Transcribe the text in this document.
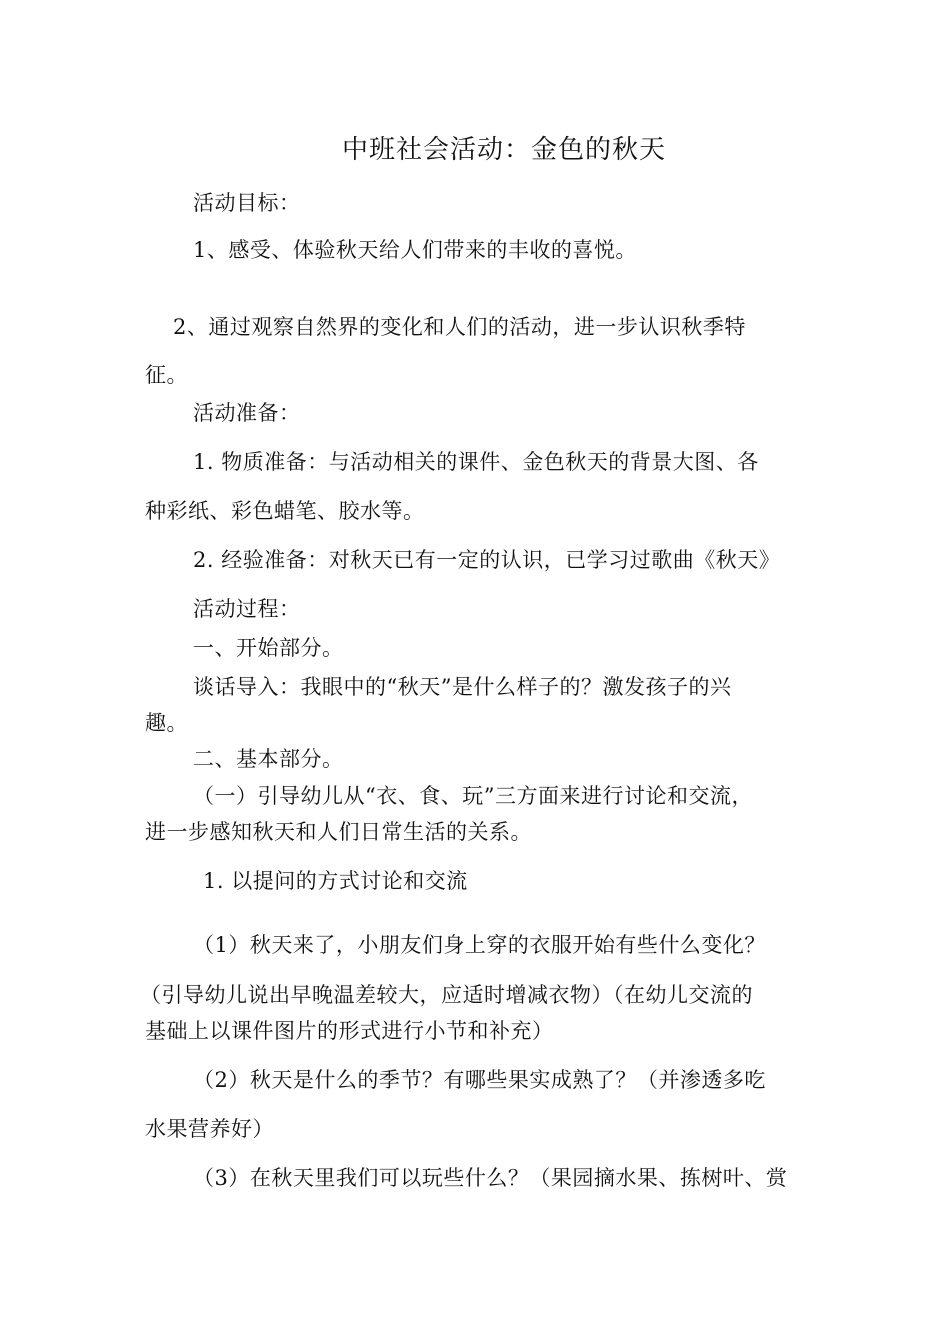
中班社会活动：金色的秋天
活动目标：
1、感受、体验秋天给人们带来的丰收的喜悦。
2、通过观察自然界的变化和人们的活动，进一步认识秋季特
征。
活动准备：
1. 物质准备：与活动相关的课件、金色秋天的背景大图、各
种彩纸、彩色蜡笔、胶水等。
2. 经验准备：对秋天已有一定的认识，已学习过歌曲《秋天》
活动过程：
一、开始部分。
谈话导入：我眼中的“秋天”是什么样子的？激发孩子的兴
趣。
二、基本部分。
（一）引导幼儿从“衣、食、玩”三方面来进行讨论和交流，
进一步感知秋天和人们日常生活的关系。
1. 以提问的方式讨论和交流
（1）秋天来了，小朋友们身上穿的衣服开始有些什么变化？
（引导幼儿说出早晚温差较大，应适时增减衣物）（在幼儿交流的
基础上以课件图片的形式进行小节和补充）
（2）秋天是什么的季节？有哪些果实成熟了？（并渗透多吃
水果营养好）
（3）在秋天里我们可以玩些什么？（果园摘水果、拣树叶、赏
